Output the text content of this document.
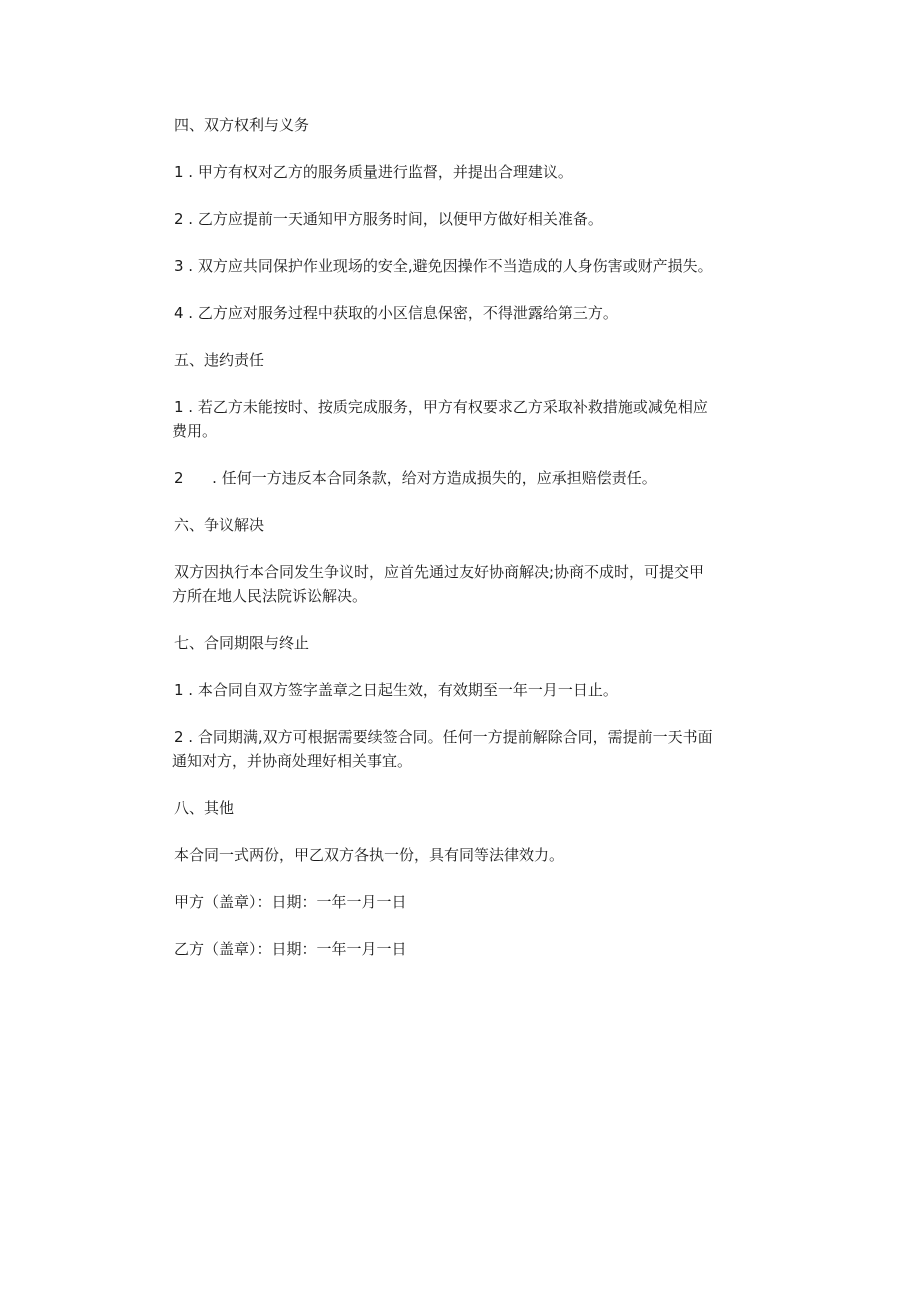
四、双方权利与义务

1 . 甲方有权对乙方的服务质量进行监督，并提出合理建议。

2 . 乙方应提前一天通知甲方服务时间，以便甲方做好相关准备。

3 . 双方应共同保护作业现场的安全,避免因操作不当造成的人身伤害或财产损失。

4 . 乙方应对服务过程中获取的小区信息保密，不得泄露给第三方。

五、违约责任

1 . 若乙方未能按时、按质完成服务，甲方有权要求乙方采取补救措施或减免相应

费用。

2      . 任何一方违反本合同条款，给对方造成损失的，应承担赔偿责任。

六、争议解决

双方因执行本合同发生争议时，应首先通过友好协商解决;协商不成时，可提交甲

方所在地人民法院诉讼解决。

七、合同期限与终止

1 . 本合同自双方签字盖章之日起生效，有效期至一年一月一日止。

2 . 合同期满,双方可根据需要续签合同。任何一方提前解除合同，需提前一天书面

通知对方，并协商处理好相关事宜。

八、其他

本合同一式两份，甲乙双方各执一份，具有同等法律效力。

甲方（盖章）：日期：一年一月一日

乙方（盖章）：日期：一年一月一日
